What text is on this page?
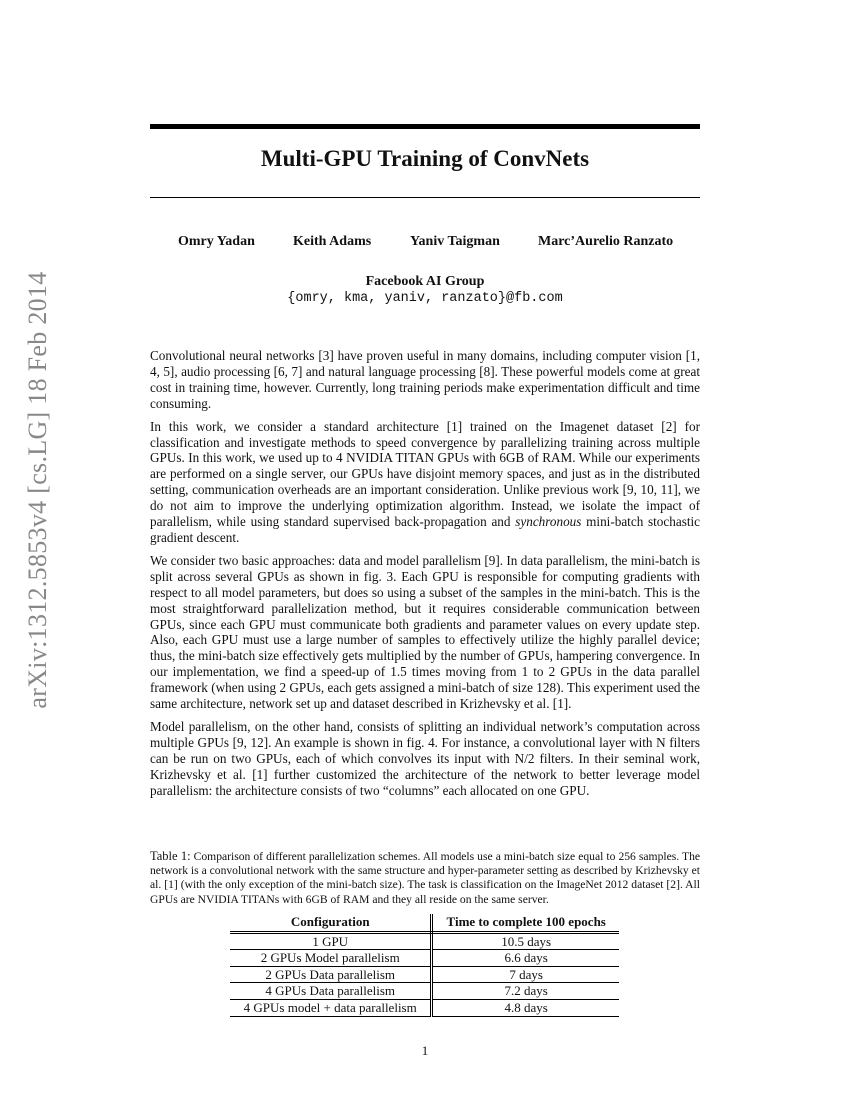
arXiv:1312.5853v4 [cs.LG] 18 Feb 2014
Multi-GPU Training of ConvNets
Omry Yadan	Keith Adams	Yaniv Taigman	Marc’Aurelio Ranzato
Facebook AI Group
{omry, kma, yaniv, ranzato}@fb.com

Convolutional neural networks [3] have proven useful in many domains, including computer vision [1, 4, 5], audio processing [6, 7] and natural language processing [8]. These powerful models come at great cost in training time, however. Currently, long training periods make experimentation difficult and time consuming.

In this work, we consider a standard architecture [1] trained on the Imagenet dataset [2] for classification and investigate methods to speed convergence by parallelizing training across multiple GPUs. In this work, we used up to 4 NVIDIA TITAN GPUs with 6GB of RAM. While our experiments are performed on a single server, our GPUs have disjoint memory spaces, and just as in the distributed setting, communication overheads are an important consideration. Unlike previous work [9, 10, 11], we do not aim to improve the underlying optimization algorithm. Instead, we isolate the impact of parallelism, while using standard supervised back-propagation and synchronous mini-batch stochastic gradient descent.

We consider two basic approaches: data and model parallelism [9]. In data parallelism, the mini-batch is split across several GPUs as shown in fig. 3. Each GPU is responsible for computing gradients with respect to all model parameters, but does so using a subset of the samples in the mini-batch. This is the most straightforward parallelization method, but it requires considerable communication between GPUs, since each GPU must communicate both gradients and parameter values on every update step. Also, each GPU must use a large number of samples to effectively utilize the highly parallel device; thus, the mini-batch size effectively gets multiplied by the number of GPUs, hampering convergence. In our implementation, we find a speed-up of 1.5 times moving from 1 to 2 GPUs in the data parallel framework (when using 2 GPUs, each gets assigned a mini-batch of size 128). This experiment used the same architecture, network set up and dataset described in Krizhevsky et al. [1].

Model parallelism, on the other hand, consists of splitting an individual network’s computation across multiple GPUs [9, 12]. An example is shown in fig. 4. For instance, a convolutional layer with N filters can be run on two GPUs, each of which convolves its input with N/2 filters. In their seminal work, Krizhevsky et al. [1] further customized the architecture of the network to better leverage model parallelism: the architecture consists of two “columns” each allocated on one GPU.

Table 1: Comparison of different parallelization schemes. All models use a mini-batch size equal to 256 samples. The network is a convolutional network with the same structure and hyper-parameter setting as described by Krizhevsky et al. [1] (with the only exception of the mini-batch size). The task is classification on the ImageNet 2012 dataset [2]. All GPUs are NVIDIA TITANs with 6GB of RAM and they all reside on the same server.
Configuration	Time to complete 100 epochs
1 GPU	10.5 days
2 GPUs Model parallelism	6.6 days
2 GPUs Data parallelism	7 days
4 GPUs Data parallelism	7.2 days
4 GPUs model + data parallelism	4.8 days
1
